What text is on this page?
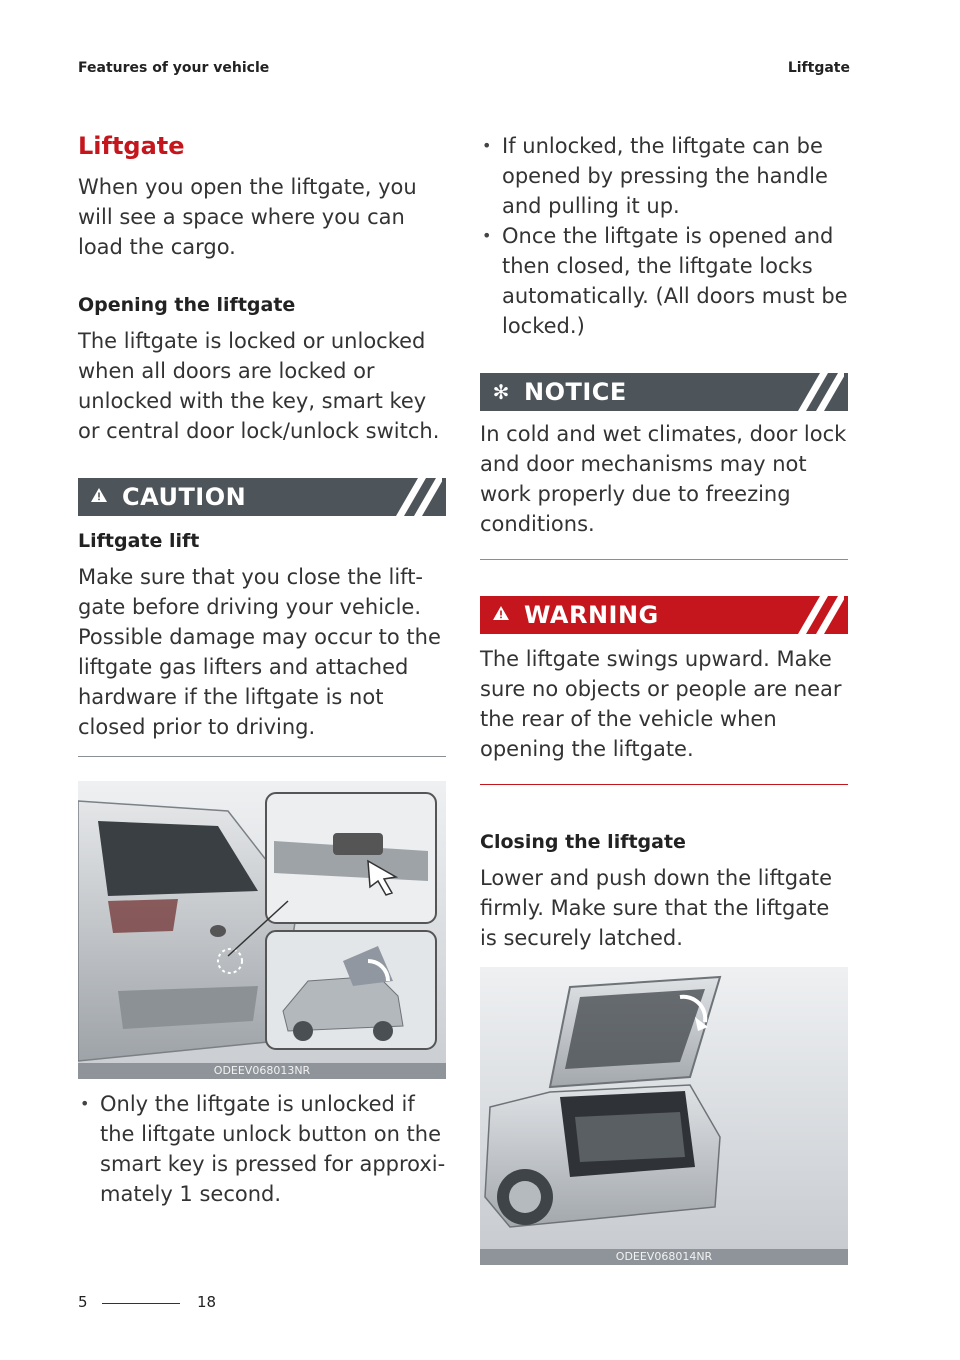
Features of your vehicle	Liftgate
Liftgate

When you open the liftgate, you will see a space where you can load the cargo.

Opening the liftgate

The liftgate is locked or unlocked when all doors are locked or unlocked with the key, smart key or central door lock/unlock switch.

CAUTION
Liftgate lift

Make sure that you close the lift-gate before driving your vehicle. Possible damage may occur to the liftgate gas lifters and attached hardware if the liftgate is not closed prior to driving.

ODEEV068013NR
• Only the liftgate is unlocked if the liftgate unlock button on the smart key is pressed for approxi-mately 1 second.
• If unlocked, the liftgate can be opened by pressing the handle and pulling it up.
• Once the liftgate is opened and then closed, the liftgate locks automatically. (All doors must be locked.)
✻ NOTICE

In cold and wet climates, door lock and door mechanisms may not work properly due to freezing conditions.

WARNING

The liftgate swings upward. Make sure no objects or people are near the rear of the vehicle when opening the liftgate.

Closing the liftgate

Lower and push down the liftgate firmly. Make sure that the liftgate is securely latched.

ODEEV068014NR
5	18
